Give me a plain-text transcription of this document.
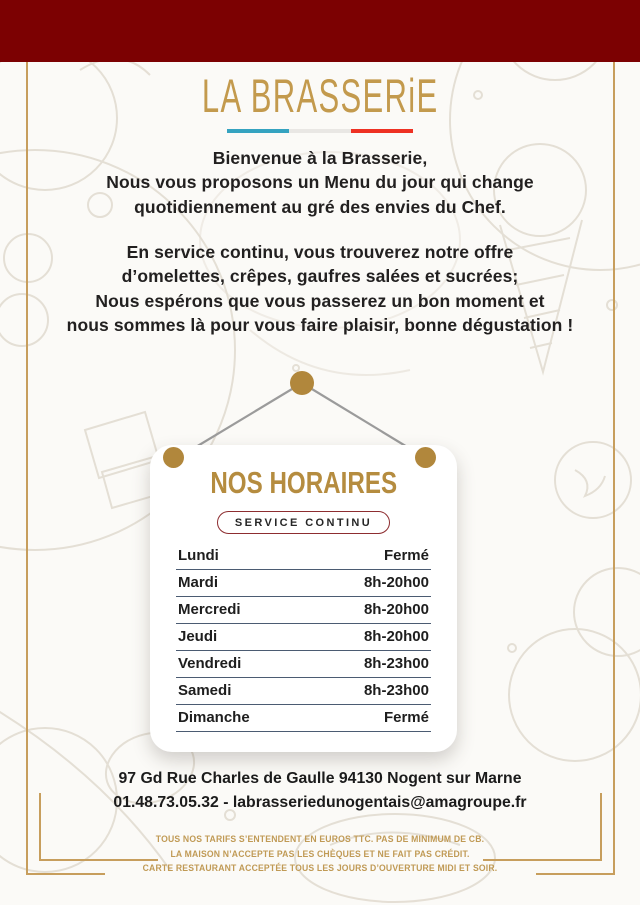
LA BRASSERiE
Bienvenue à la Brasserie,
Nous vous proposons un Menu du jour qui change
quotidiennement au gré des envies du Chef.
En service continu, vous trouverez notre offre
d’omelettes, crêpes, gaufres salées et sucrées;
Nous espérons que vous passerez un bon moment et
nous sommes là pour vous faire plaisir, bonne dégustation !
NOS HORAIRES
SERVICE CONTINU
Lundi	Fermé
Mardi	8h-20h00
Mercredi	8h-20h00
Jeudi	8h-20h00
Vendredi	8h-23h00
Samedi	8h-23h00
Dimanche	Fermé
97 Gd Rue Charles de Gaulle 94130 Nogent sur Marne
01.48.73.05.32 - labrasseriedunogentais@amagroupe.fr
TOUS NOS TARIFS S’ENTENDENT EN EUROS TTC. PAS DE MINIMUM DE CB.
LA MAISON N’ACCEPTE PAS LES CHÈQUES ET NE FAIT PAS CRÉDIT.
CARTE RESTAURANT ACCEPTÉE TOUS LES JOURS D’OUVERTURE MIDI ET SOIR.
